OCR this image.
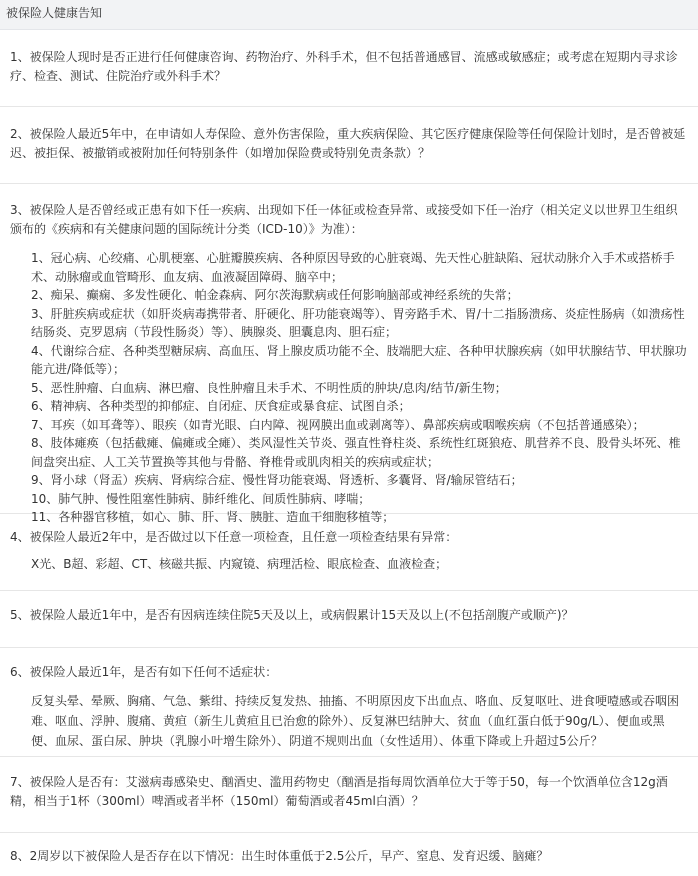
被保险人健康告知

1、被保险人现时是否正进行任何健康咨询、药物治疗、外科手术，但不包括普通感冒、流感或敏感症；或考虑在短期内寻求诊疗、检查、测试、住院治疗或外科手术？

2、被保险人最近5年中，在申请如人寿保险、意外伤害保险，重大疾病保险、其它医疗健康保险等任何保险计划时，是否曾被延迟、被拒保、被撤销或被附加任何特别条件（如增加保险费或特别免责条款）？

3、被保险人是否曾经或正患有如下任一疾病、出现如下任一体征或检查异常、或接受如下任一治疗（相关定义以世界卫生组织颁布的《疾病和有关健康问题的国际统计分类（ICD-10）》为准）：

1、冠心病、心绞痛、心肌梗塞、心脏瓣膜疾病、各种原因导致的心脏衰竭、先天性心脏缺陷、冠状动脉介入手术或搭桥手术、动脉瘤或血管畸形、血友病、血液凝固障碍、脑卒中；
2、痴呆、癫痫、多发性硬化、帕金森病、阿尔茨海默病或任何影响脑部或神经系统的失常；
3、肝脏疾病或症状（如肝炎病毒携带者、肝硬化、肝功能衰竭等）、胃旁路手术、胃/十二指肠溃疡、炎症性肠病（如溃疡性结肠炎、克罗恩病（节段性肠炎）等）、胰腺炎、胆囊息肉、胆石症；
4、代谢综合症、各种类型糖尿病、高血压、肾上腺皮质功能不全、肢端肥大症、各种甲状腺疾病（如甲状腺结节、甲状腺功能亢进/降低等）；
5、恶性肿瘤、白血病、淋巴瘤、良性肿瘤且未手术、不明性质的肿块/息肉/结节/新生物；
6、精神病、各种类型的抑郁症、自闭症、厌食症或暴食症、试图自杀；
7、耳疾（如耳聋等）、眼疾（如青光眼、白内障、视网膜出血或剥离等）、鼻部疾病或咽喉疾病（不包括普通感染）；
8、肢体瘫痪（包括截瘫、偏瘫或全瘫）、类风湿性关节炎、强直性脊柱炎、系统性红斑狼疮、肌营养不良、股骨头坏死、椎间盘突出症、人工关节置换等其他与骨骼、脊椎骨或肌肉相关的疾病或症状；
9、肾小球（肾盂）疾病、肾病综合症、慢性肾功能衰竭、肾透析、多囊肾、肾/输尿管结石；
10、肺气肿、慢性阻塞性肺病、肺纤维化、间质性肺病、哮喘；
11、各种器官移植，如心、肺、肝、肾、胰脏、造血干细胞移植等；

4、被保险人最近2年中，是否做过以下任意一项检查，且任意一项检查结果有异常：

X光、B超、彩超、CT、核磁共振、内窥镜、病理活检、眼底检查、血液检查；

5、被保险人最近1年中，是否有因病连续住院5天及以上，或病假累计15天及以上(不包括剖腹产或顺产)？

6、被保险人最近1年，是否有如下任何不适症状：

反复头晕、晕厥、胸痛、气急、紫绀、持续反复发热、抽搐、不明原因皮下出血点、咯血、反复呕吐、进食哽噎感或吞咽困难、呕血、浮肿、腹痛、黄疸（新生儿黄疸且已治愈的除外）、反复淋巴结肿大、贫血（血红蛋白低于90g/L）、便血或黑便、血尿、蛋白尿、肿块（乳腺小叶增生除外）、阴道不规则出血（女性适用）、体重下降或上升超过5公斤？

7、被保险人是否有：艾滋病毒感染史、酗酒史、滥用药物史（酗酒是指每周饮酒单位大于等于50，每一个饮酒单位含12g酒精，相当于1杯（300ml）啤酒或者半杯（150ml）葡萄酒或者45ml白酒）？

8、2周岁以下被保险人是否存在以下情况：出生时体重低于2.5公斤，早产、窒息、发育迟缓、脑瘫？
